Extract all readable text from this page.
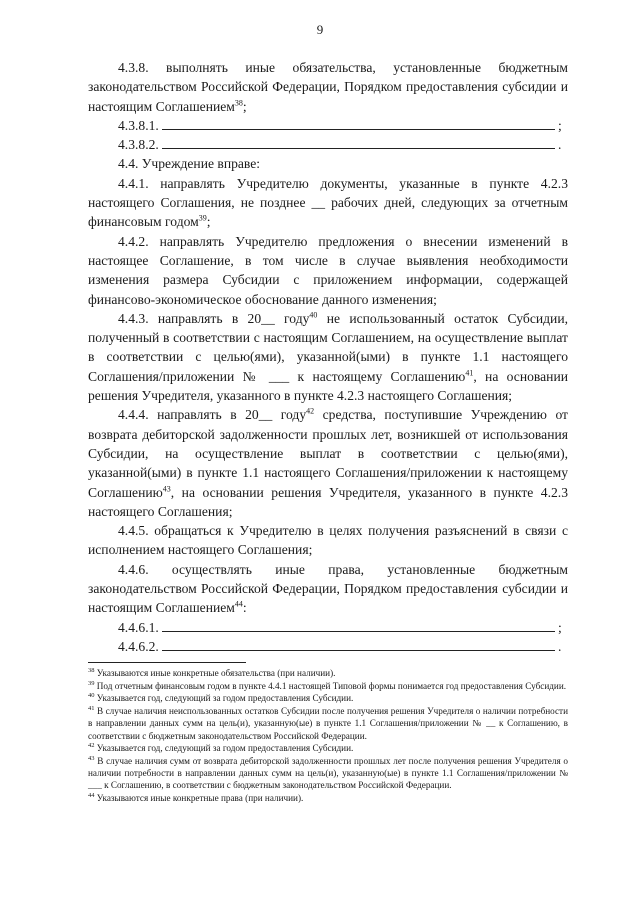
9

4.3.8. выполнять иные обязательства, установленные бюджетным законодательством Российской Федерации, Порядком предоставления субсидии и настоящим Соглашением$^{38}$;

4.3.8.1.	;
4.3.8.2.	.

4.4. Учреждение вправе:

4.4.1. направлять Учредителю документы, указанные в пункте 4.2.3 настоящего Соглашения, не позднее __ рабочих дней, следующих за отчетным финансовым годом$^{39}$;

4.4.2. направлять Учредителю предложения о внесении изменений в настоящее Соглашение, в том числе в случае выявления необходимости изменения размера Субсидии с приложением информации, содержащей финансово-экономическое обоснование данного изменения;

4.4.3. направлять в 20__ году$^{40}$ не использованный остаток Субсидии, полученный в соответствии с настоящим Соглашением, на осуществление выплат в соответствии с целью(ями), указанной(ыми) в пункте 1.1 настоящего Соглашения/приложении № ___ к настоящему Соглашению$^{41}$, на основании решения Учредителя, указанного в пункте 4.2.3 настоящего Соглашения;

4.4.4. направлять в 20__ году$^{42}$ средства, поступившие Учреждению от возврата дебиторской задолженности прошлых лет, возникшей от использования Субсидии, на осуществление выплат в соответствии с целью(ями), указанной(ыми) в пункте 1.1 настоящего Соглашения/приложении к настоящему Соглашению$^{43}$, на основании решения Учредителя, указанного в пункте 4.2.3 настоящего Соглашения;

4.4.5. обращаться к Учредителю в целях получения разъяснений в связи с исполнением настоящего Соглашения;

4.4.6. осуществлять иные права, установленные бюджетным законодательством Российской Федерации, Порядком предоставления субсидии и настоящим Соглашением$^{44}$:

4.4.6.1.	;
4.4.6.2.	.

$^{38}$ Указываются иные конкретные обязательства (при наличии).

$^{39}$ Под отчетным финансовым годом в пункте 4.4.1 настоящей Типовой формы понимается год предоставления Субсидии.

$^{40}$ Указывается год, следующий за годом предоставления Субсидии.

$^{41}$ В случае наличия неиспользованных остатков Субсидии после получения решения Учредителя о наличии потребности в направлении данных сумм на цель(и), указанную(ые) в пункте 1.1 Соглашения/приложении № __ к Соглашению, в соответствии с бюджетным законодательством Российской Федерации.

$^{42}$ Указывается год, следующий за годом предоставления Субсидии.

$^{43}$ В случае наличия сумм от возврата дебиторской задолженности прошлых лет после получения решения Учредителя о наличии потребности в направлении данных сумм на цель(и), указанную(ые) в пункте 1.1 Соглашения/приложении № ___ к Соглашению, в соответствии с бюджетным законодательством Российской Федерации.

$^{44}$ Указываются иные конкретные права (при наличии).
